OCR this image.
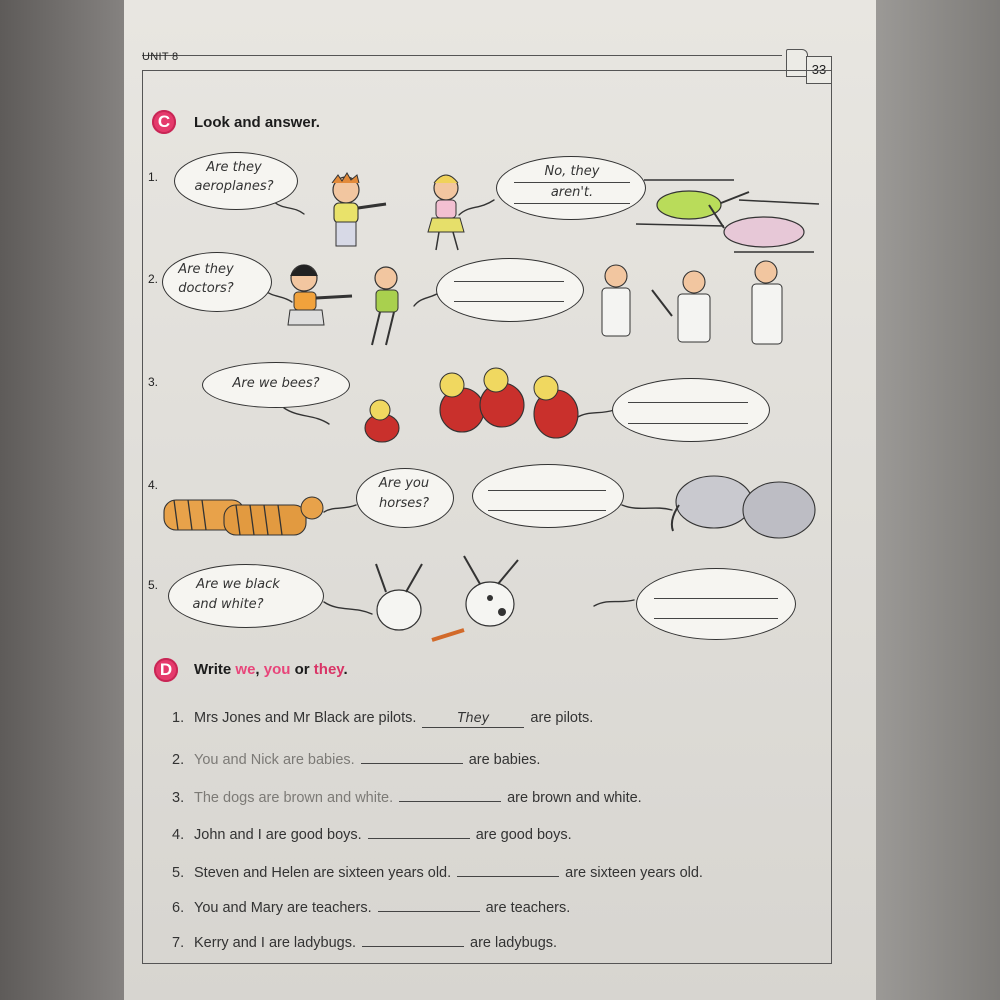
UNIT 8
33
C	Look and answer.
1.
Are they
aeroplanes?
No, they
aren't.
2.
Are they
doctors?
3.	Are we bees?
4.	Are you
horses?
5.	Are we black
and white?
D	Write we, you or they.
1. Mrs Jones and Mr Black are pilots.	They	are pilots.
2. You and Nick are babies.	are babies.
3. The dogs are brown and white.	are brown and white.
4. John and I are good boys.	are good boys.
5. Steven and Helen are sixteen years old.	are sixteen years old.
6. You and Mary are teachers.	are teachers.
7. Kerry and I are ladybugs.	are ladybugs.
